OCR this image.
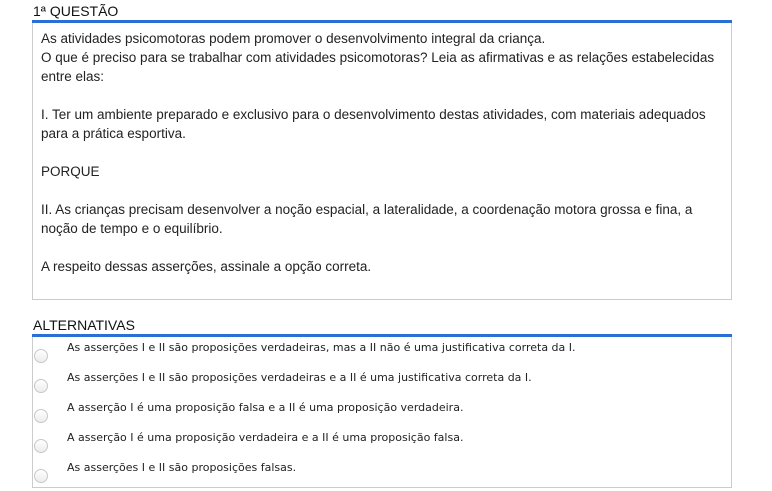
1ª QUESTÃO

As atividades psicomotoras podem promover o desenvolvimento integral da criança.
O que é preciso para se trabalhar com atividades psicomotoras? Leia as afirmativas e as relações estabelecidas entre elas:

I. Ter um ambiente preparado e exclusivo para o desenvolvimento destas atividades, com materiais adequados para a prática esportiva.

PORQUE

II. As crianças precisam desenvolver a noção espacial, a lateralidade, a coordenação motora grossa e fina, a noção de tempo e o equilíbrio.

A respeito dessas asserções, assinale a opção correta.

ALTERNATIVAS
As asserções I e II são proposições verdadeiras, mas a II não é uma justificativa correta da I.
As asserções I e II são proposições verdadeiras e a II é uma justificativa correta da I.
A asserção I é uma proposição falsa e a II é uma proposição verdadeira.
A asserção I é uma proposição verdadeira e a II é uma proposição falsa.
As asserções I e II são proposições falsas.
